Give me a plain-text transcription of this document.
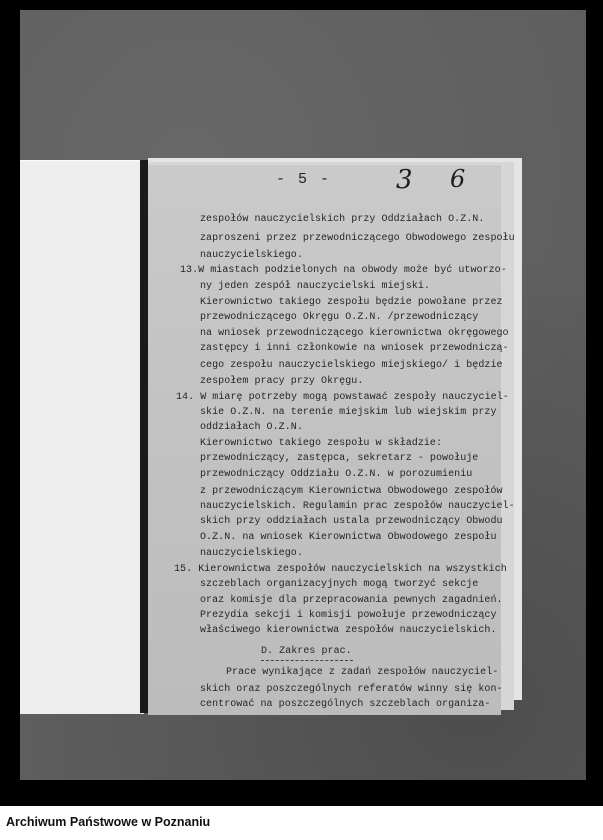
- 5 - 3 6
zespołów nauczycielskich przy Oddziałach O.Z.N.
zaproszeni przez przewodniczącego Obwodowego zespołu
nauczycielskiego.
13.W miastach podzielonych na obwody może być utworzo-
ny jeden zespół nauczycielski miejski.
Kierownictwo takiego zespołu będzie powołane przez
przewodniczącego Okręgu O.Z.N. /przewodniczący
na wniosek przewodniczącego kierownictwa okręgowego
zastępcy i inni członkowie na wniosek przewodniczą-
cego zespołu nauczycielskiego miejskiego/ i będzie
zespołem pracy przy Okręgu.
14. W miarę potrzeby mogą powstawać zespoły nauczyciel-
skie O.Z.N. na terenie miejskim lub wiejskim przy
oddziałach O.Z.N.
Kierownictwo takiego zespołu w składzie:
przewodniczący, zastępca, sekretarz - powołuje
przewodniczący Oddziału O.Z.N. w porozumieniu
z przewodniczącym Kierownictwa Obwodowego zespołów
nauczycielskich. Regulamin prac zespołów nauczyciel-
skich przy oddziałach ustala przewodniczący Obwodu
O.Z.N. na wniosek Kierownictwa Obwodowego zespołu
nauczycielskiego.
15. Kierownictwa zespołów nauczycielskich na wszystkich
szczeblach organizacyjnych mogą tworzyć sekcje
oraz komisje dla przepracowania pewnych zagadnień.
Prezydia sekcji i komisji powołuje przewodniczący
właściwego kierownictwa zespołów nauczycielskich.
D. Zakres prac.
Prace wynikające z zadań zespołów nauczyciel-
skich oraz poszczególnych referatów winny się kon-
centrować na poszczególnych szczeblach organiza-
Archiwum Państwowe w Poznaniu
